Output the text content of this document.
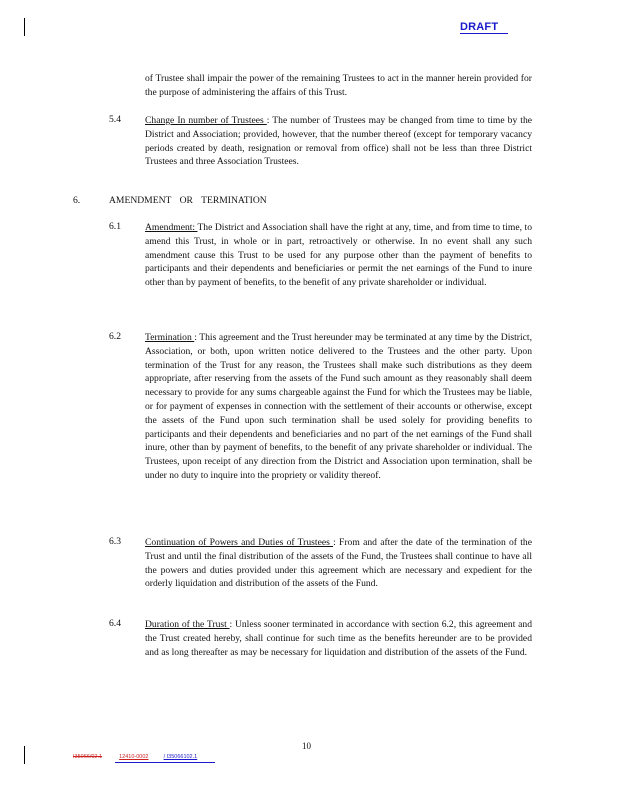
DRAFT
of Trustee shall impair the power of the remaining Trustees to act in the manner herein provided for the purpose of administering the affairs of this Trust.
5.4	Change In number of Trustees : The number of Trustees may be changed from time to time by the District and Association; provided, however, that the number thereof (except for temporary vacancy periods created by death, resignation or removal from office) shall not be less than three District Trustees and three Association Trustees.
6.	AMENDMENT OR TERMINATION
6.1	Amendment: The District and Association shall have the right at any, time, and from time to time, to amend this Trust, in whole or in part, retroactively or otherwise. In no event shall any such amendment cause this Trust to be used for any purpose other than the payment of benefits to participants and their dependents and beneficiaries or permit the net earnings of the Fund to inure other than by payment of benefits, to the benefit of any private shareholder or individual.
6.2	Termination : This agreement and the Trust hereunder may be terminated at any time by the District, Association, or both, upon written notice delivered to the Trustees and the other party. Upon termination of the Trust for any reason, the Trustees shall make such distributions as they deem appropriate, after reserving from the assets of the Fund such amount as they reasonably shall deem necessary to provide for any sums chargeable against the Fund for which the Trustees may be liable, or for payment of expenses in connection with the settlement of their accounts or otherwise, except the assets of the Fund upon such termination shall be used solely for providing benefits to participants and their dependents and beneficiaries and no part of the net earnings of the Fund shall inure, other than by payment of benefits, to the benefit of any private shareholder or individual. The Trustees, upon receipt of any direction from the District and Association upon termination, shall be under no duty to inquire into the propriety or validity thereof.
6.3	Continuation of Powers and Duties of Trustees : From and after the date of the termination of the Trust and until the final distribution of the assets of the Fund, the Trustees shall continue to have all the powers and duties provided under this agreement which are necessary and expedient for the orderly liquidation and distribution of the assets of the Fund.
6.4	Duration of the Trust : Unless sooner terminated in accordance with section 6.2, this agreement and the Trust created hereby, shall continue for such time as the benefits hereunder are to be provided and as long thereafter as may be necessary for liquidation and distribution of the assets of the Fund.
10
I35066/02.1	12410-0002	/ I35066102.1
